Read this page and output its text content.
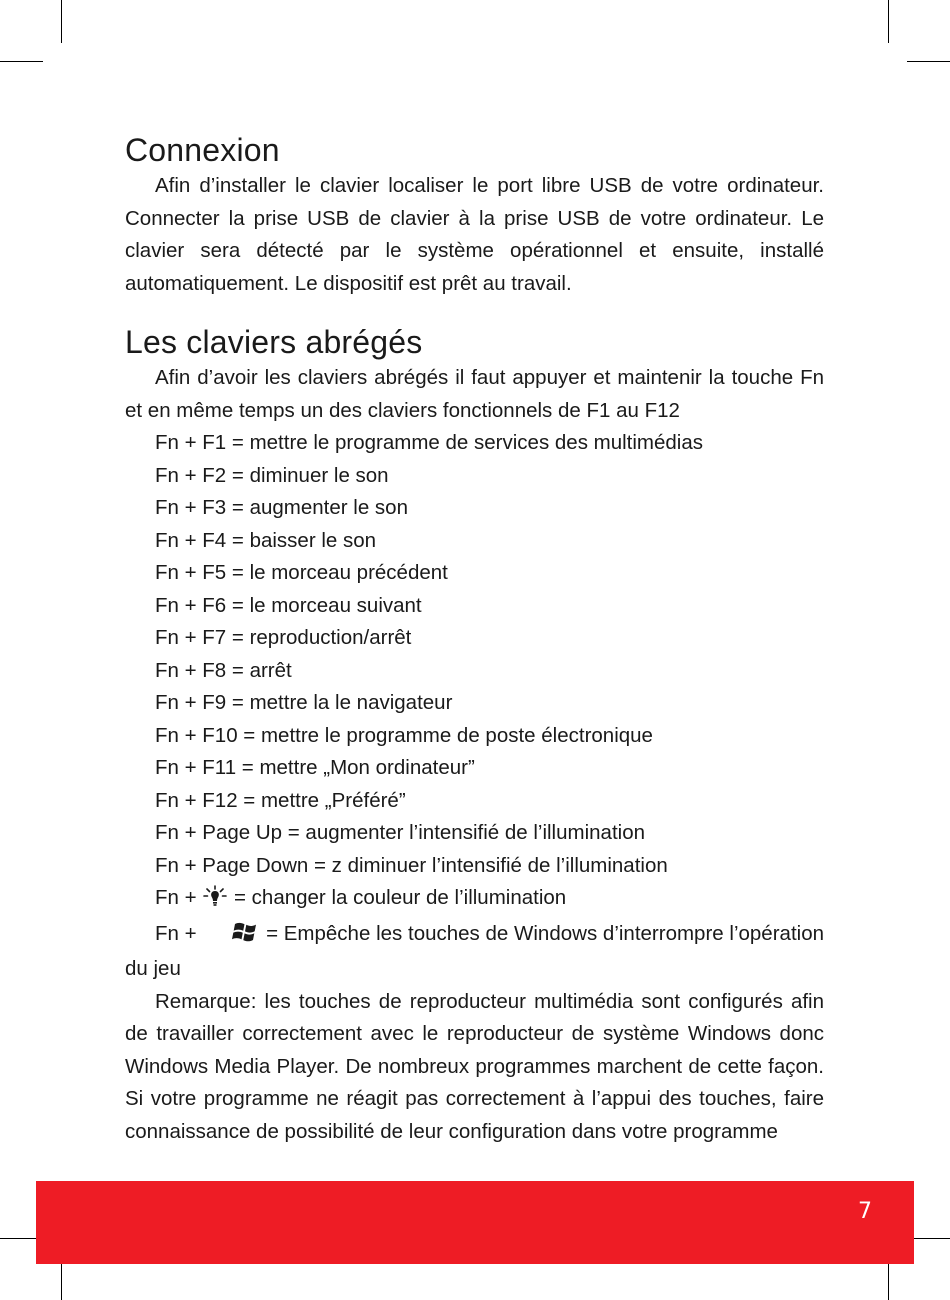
Connexion

Afin d’installer le clavier localiser le port libre USB de votre ordinateur. Connecter la prise USB de clavier à la prise USB de votre ordinateur. Le clavier sera détecté par le système opérationnel et ensuite, installé automatiquement. Le dispositif est prêt au travail.

Les claviers abrégés

Afin d’avoir les claviers abrégés il faut appuyer et maintenir la touche Fn et en même temps un des claviers fonctionnels de F1 au F12

Fn + F1 = mettre le programme de services des multimédias

Fn + F2 = diminuer le son

Fn + F3 = augmenter le son

Fn + F4 = baisser le son

Fn + F5 = le morceau précédent

Fn + F6 = le morceau suivant

Fn + F7 = reproduction/arrêt

Fn + F8 = arrêt

Fn + F9 = mettre la le navigateur

Fn + F10 = mettre le programme de poste électronique

Fn + F11 = mettre „Mon ordinateur”

Fn + F12 = mettre „Préféré”

Fn + Page Up = augmenter l’intensifié de l’illumination

Fn + Page Down = z diminuer l’intensifié de l’illumination

Fn + = changer la couleur de l’illumination

Fn +	= Empêche les touches de Windows d’interrompre l’opération du jeu

Remarque: les touches de reproducteur multimédia sont configurés afin de travailler correctement avec le reproducteur de système Windows donc Windows Media Player. De nombreux programmes marchent de cette façon. Si votre programme ne réagit pas correctement à l’appui des touches, faire connaissance de possibilité de leur configuration dans votre programme

7
